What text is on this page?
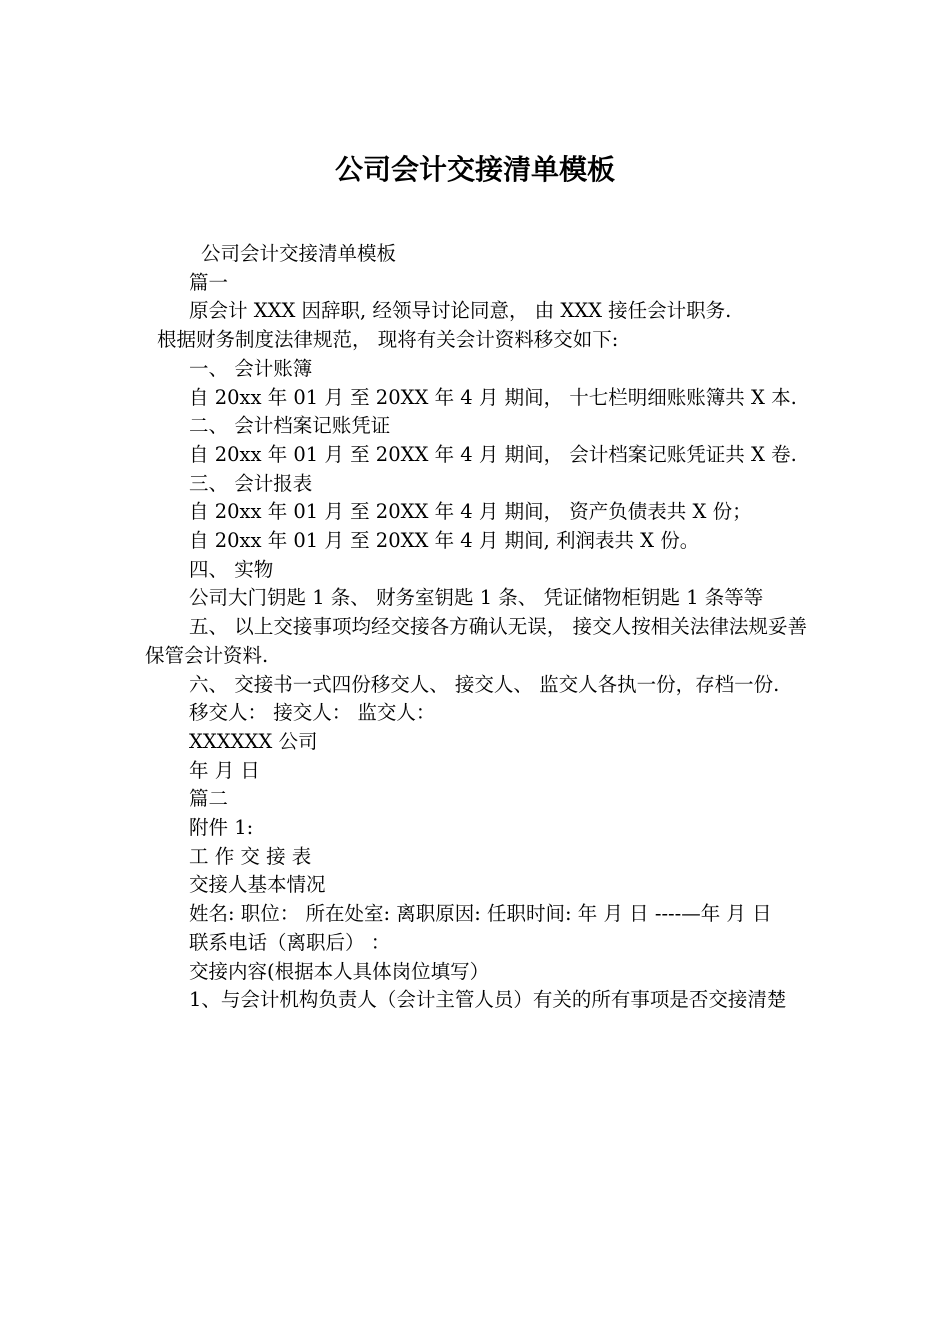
公司会计交接清单模板

公司会计交接清单模板

篇一

原会计 XXX 因辞职, 经领导讨论同意， 由 XXX 接任会计职务.

根据财务制度法律规范， 现将有关会计资料移交如下:

一、 会计账簿

自 20xx 年 01 月 至 20XX 年 4 月 期间， 十七栏明细账账簿共 X 本.

二、 会计档案记账凭证

自 20xx 年 01 月 至 20XX 年 4 月 期间， 会计档案记账凭证共 X 卷.

三、 会计报表

自 20xx 年 01 月 至 20XX 年 4 月 期间， 资产负债表共 X 份；

自 20xx 年 01 月 至 20XX 年 4 月 期间, 利润表共 X 份。

四、 实物

公司大门钥匙 1 条、 财务室钥匙 1 条、 凭证储物柜钥匙 1 条等等

五、 以上交接事项均经交接各方确认无误， 接交人按相关法律法规妥善保管会计资料.

六、 交接书一式四份移交人、 接交人、 监交人各执一份，存档一份.

移交人： 接交人： 监交人：

XXXXXX 公司

年 月 日

篇二

附件 1:

工 作 交 接 表

交接人基本情况

姓名: 职位： 所在处室: 离职原因: 任职时间: 年 月 日 ----—年 月 日

联系电话（离职后） ：

交接内容(根据本人具体岗位填写）

1、与会计机构负责人（会计主管人员）有关的所有事项是否交接清楚
